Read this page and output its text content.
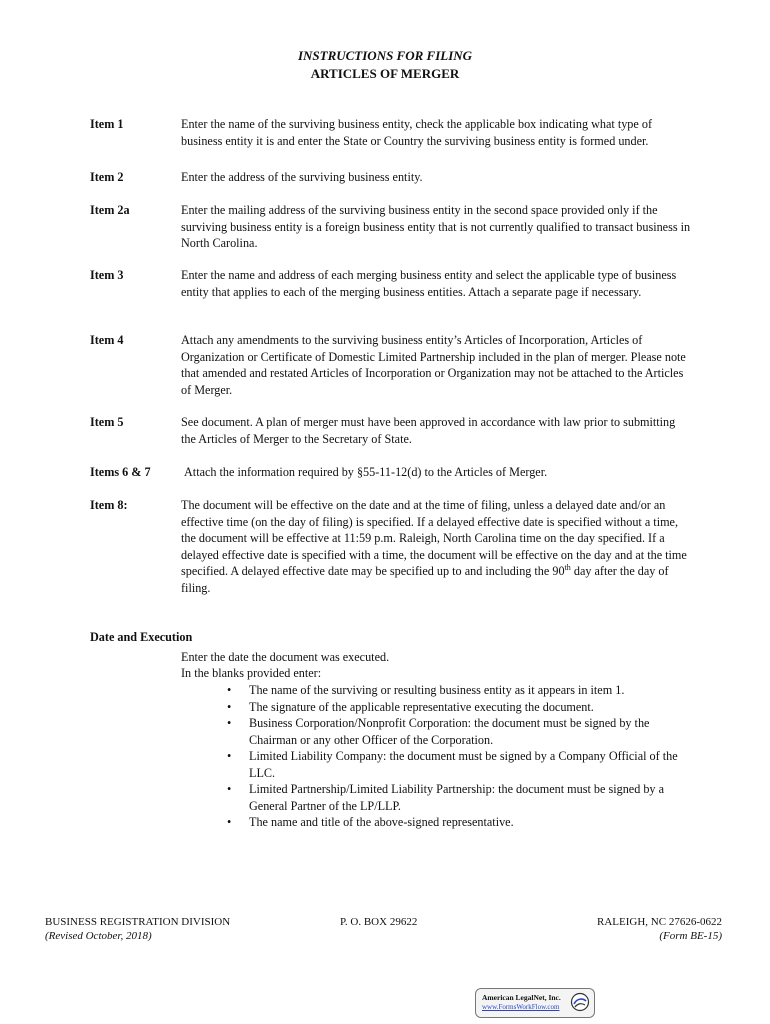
INSTRUCTIONS FOR FILING
ARTICLES OF MERGER
Item 1	Enter the name of the surviving business entity, check the applicable box indicating what type of business entity it is and enter the State or Country the surviving business entity is formed under.
Item 2	Enter the address of the surviving business entity.
Item 2a	Enter the mailing address of the surviving business entity in the second space provided only if the surviving business entity is a foreign business entity that is not currently qualified to transact business in North Carolina.
Item 3	Enter the name and address of each merging business entity and select the applicable type of business entity that applies to each of the merging business entities. Attach a separate page if necessary.
Item 4	Attach any amendments to the surviving business entity’s Articles of Incorporation, Articles of Organization or Certificate of Domestic Limited Partnership included in the plan of merger. Please note that amended and restated Articles of Incorporation or Organization may not be attached to the Articles of Merger.
Item 5	See document. A plan of merger must have been approved in accordance with law prior to submitting the Articles of Merger to the Secretary of State.
Items 6 & 7	Attach the information required by §55-11-12(d) to the Articles of Merger.
Item 8:	The document will be effective on the date and at the time of filing, unless a delayed date and/or an effective time (on the day of filing) is specified. If a delayed effective date is specified without a time, the document will be effective at 11:59 p.m. Raleigh, North Carolina time on the day specified. If a delayed effective date is specified with a time, the document will be effective on the day and at the time specified. A delayed effective date may be specified up to and including the 90th day after the day of filing.
Date and Execution
Enter the date the document was executed.
In the blanks provided enter:
• The name of the surviving or resulting business entity as it appears in item 1.
• The signature of the applicable representative executing the document.
• Business Corporation/Nonprofit Corporation: the document must be signed by the Chairman or any other Officer of the Corporation.
• Limited Liability Company: the document must be signed by a Company Official of the LLC.
• Limited Partnership/Limited Liability Partnership: the document must be signed by a General Partner of the LP/LLP.
• The name and title of the above-signed representative.
BUSINESS REGISTRATION DIVISION
(Revised October, 2018)
P. O. BOX 29622	RALEIGH, NC 27626-0622
(Form BE-15)
American LegalNet, Inc.
www.FormsWorkFlow.com
